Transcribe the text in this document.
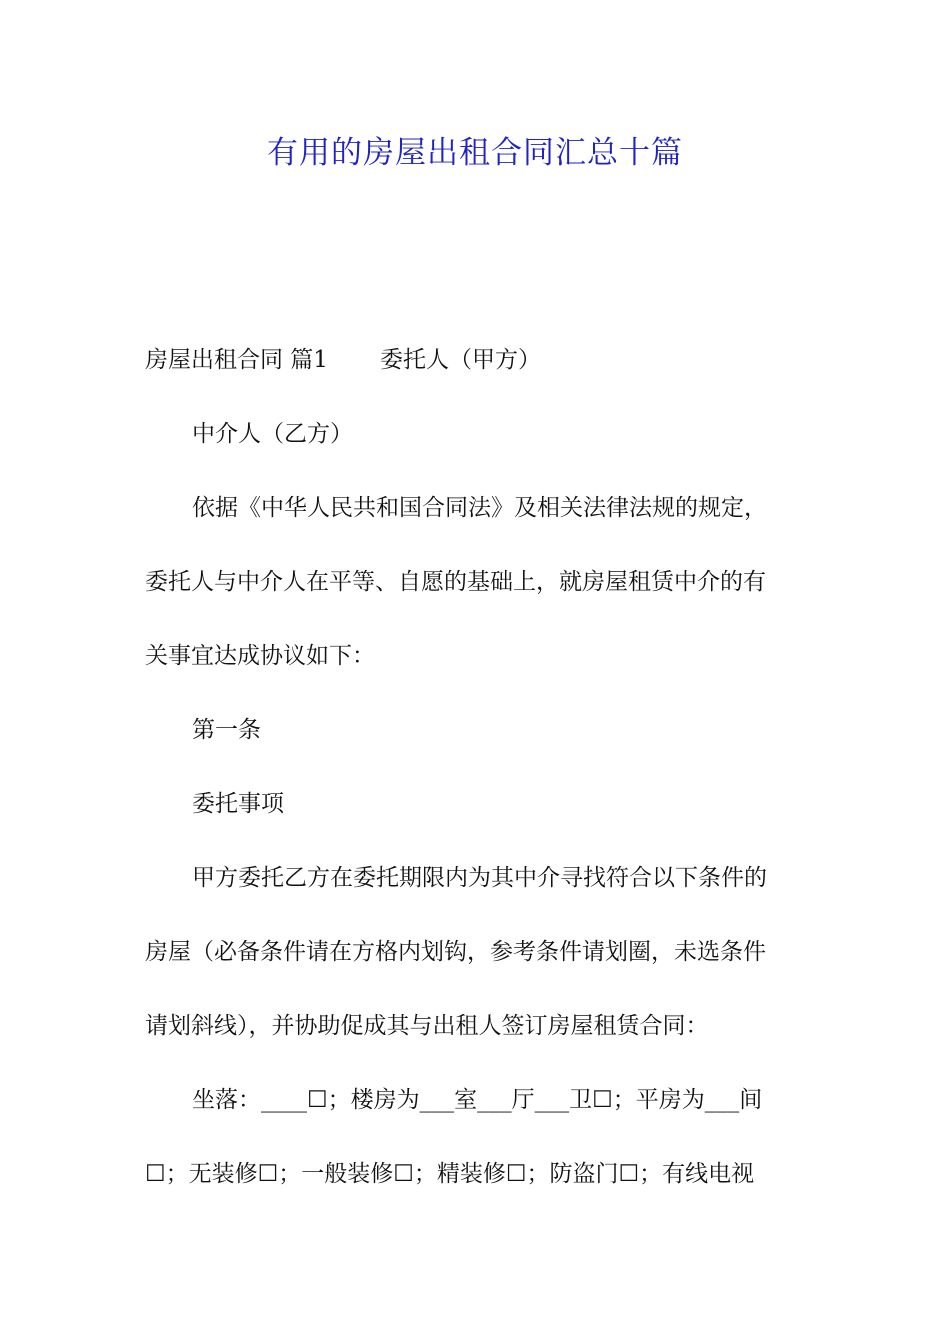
有用的房屋出租合同汇总十篇
房屋出租合同 篇1 委托人（甲方）
中介人（乙方）
依据《中华人民共和国合同法》及相关法律法规的规定，
委托人与中介人在平等、自愿的基础上，就房屋租赁中介的有
关事宜达成协议如下：
第一条
委托事项
甲方委托乙方在委托期限内为其中介寻找符合以下条件的
房屋（必备条件请在方格内划钩，参考条件请划圈，未选条件
请划斜线），并协助促成其与出租人签订房屋租赁合同：
坐落：____☐；楼房为___室___厅___卫☐；平房为___间
☐；无装修☐；一般装修☐；精装修☐；防盗门☐；有线电视
